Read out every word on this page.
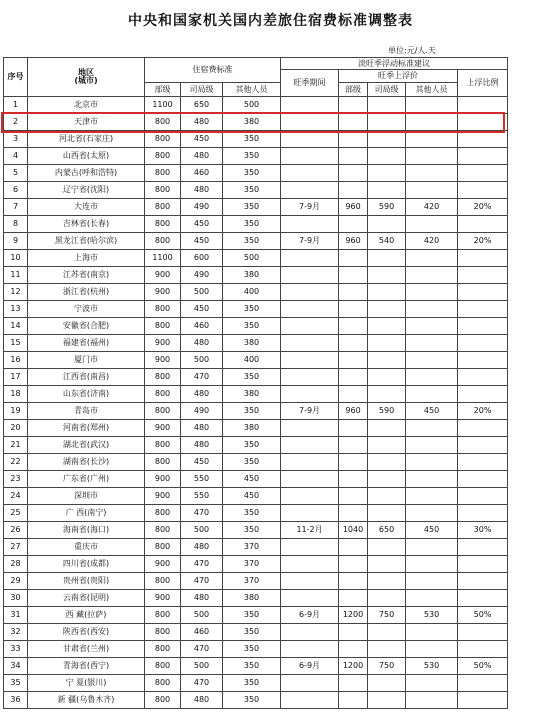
中央和国家机关国内差旅住宿费标准调整表
单位:元/人.天
序号	地区
(城市)	住宿费标准			淡旺季浮动标准建议				
					旺季期间	旺季上浮价			上浮比例
		部级	司局级	其他人员		部级	司局级	其他人员	
1	北京市	1100	650	500					
2	天津市	800	480	380					
3	河北省(石家庄)	800	450	350					
4	山西省(太原)	800	480	350					
5	内蒙古(呼和浩特)	800	460	350					
6	辽宁省(沈阳)	800	480	350					
7	大连市	800	490	350	7-9月	960	590	420	20%
8	吉林省(长春)	800	450	350					
9	黑龙江省(哈尔滨)	800	450	350	7-9月	960	540	420	20%
10	上海市	1100	600	500					
11	江苏省(南京)	900	490	380					
12	浙江省(杭州)	900	500	400					
13	宁波市	800	450	350					
14	安徽省(合肥)	800	460	350					
15	福建省(福州)	900	480	380					
16	厦门市	900	500	400					
17	江西省(南昌)	800	470	350					
18	山东省(济南)	800	480	380					
19	青岛市	800	490	350	7-9月	960	590	450	20%
20	河南省(郑州)	900	480	380					
21	湖北省(武汉)	800	480	350					
22	湖南省(长沙)	800	450	350					
23	广东省(广州)	900	550	450					
24	深圳市	900	550	450					
25	广 西(南宁)	800	470	350					
26	海南省(海口)	800	500	350	11-2月	1040	650	450	30%
27	重庆市	800	480	370					
28	四川省(成都)	900	470	370					
29	贵州省(贵阳)	800	470	370					
30	云南省(昆明)	900	480	380					
31	西 藏(拉萨)	800	500	350	6-9月	1200	750	530	50%
32	陕西省(西安)	800	460	350					
33	甘肃省(兰州)	800	470	350					
34	青海省(西宁)	800	500	350	6-9月	1200	750	530	50%
35	宁 夏(银川)	800	470	350					
36	新 疆(乌鲁木齐)	800	480	350					
